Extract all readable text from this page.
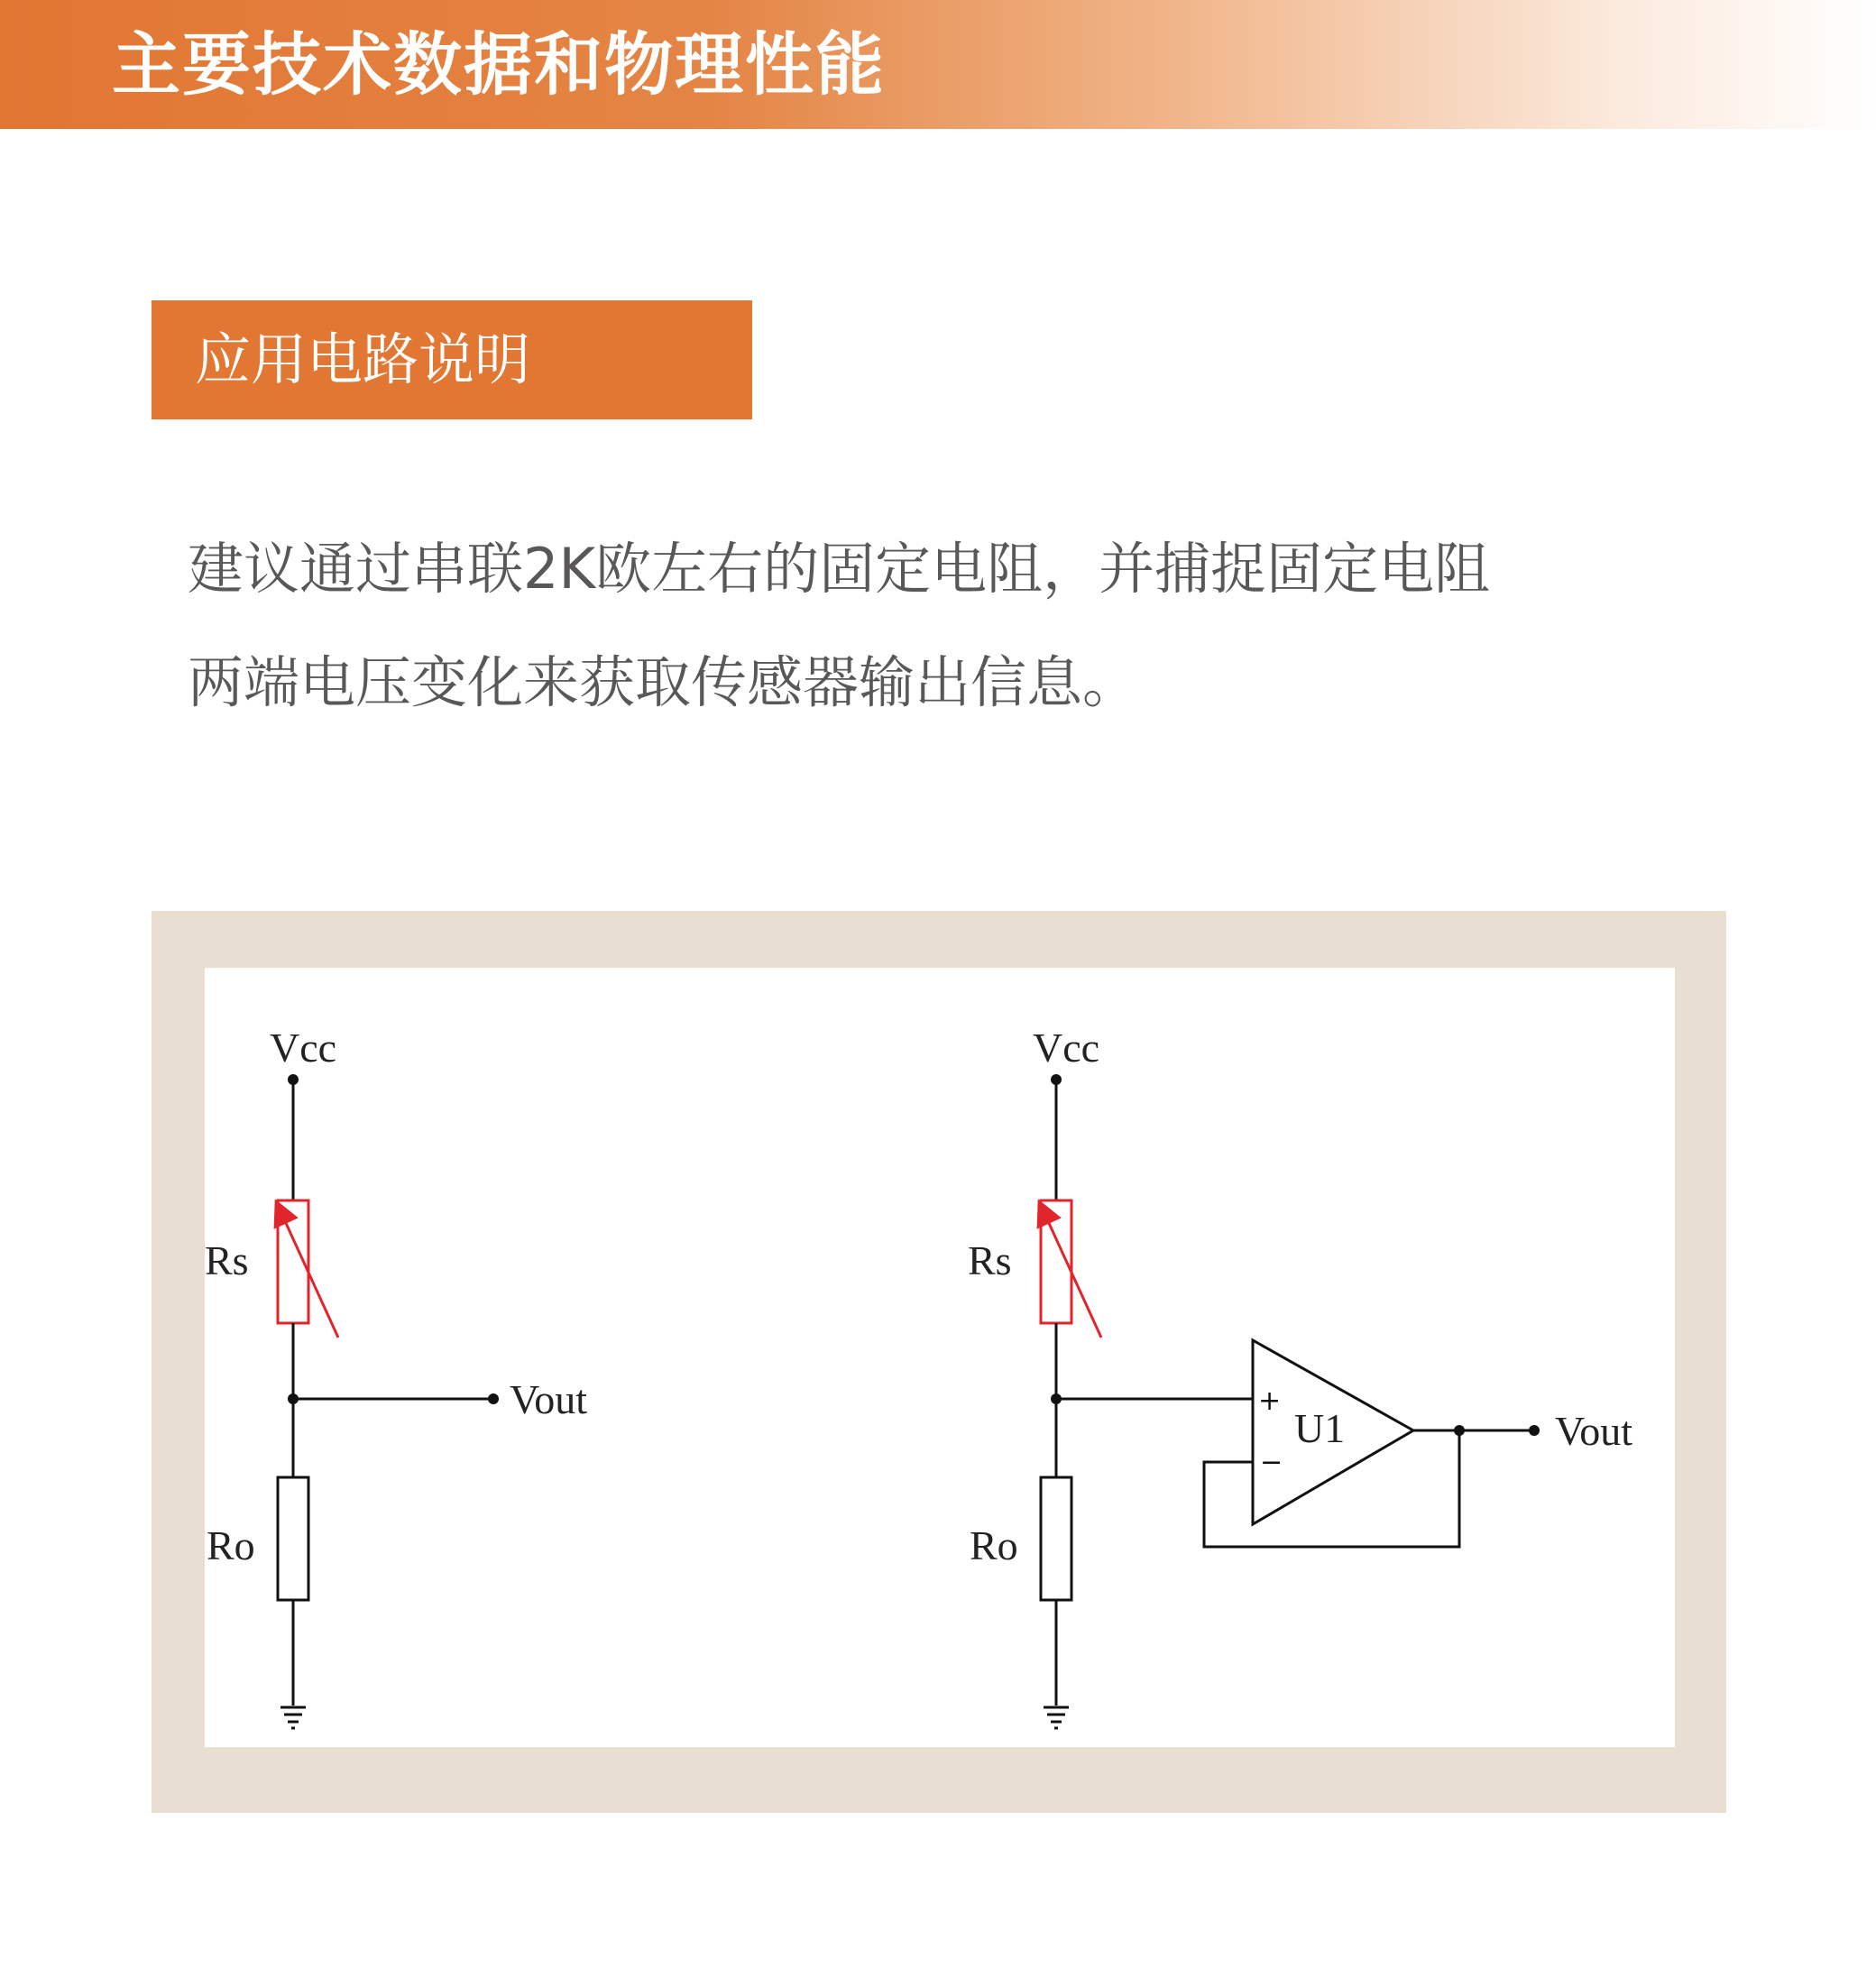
主要技术数据和物理性能
应用电路说明

建议通过串联2K欧左右的固定电阻，并捕捉固定电阻
两端电压变化来获取传感器输出信息。

Vcc
Rs
Vout
Ro
Vcc
Rs
Ro
+
−
U1	Vout
